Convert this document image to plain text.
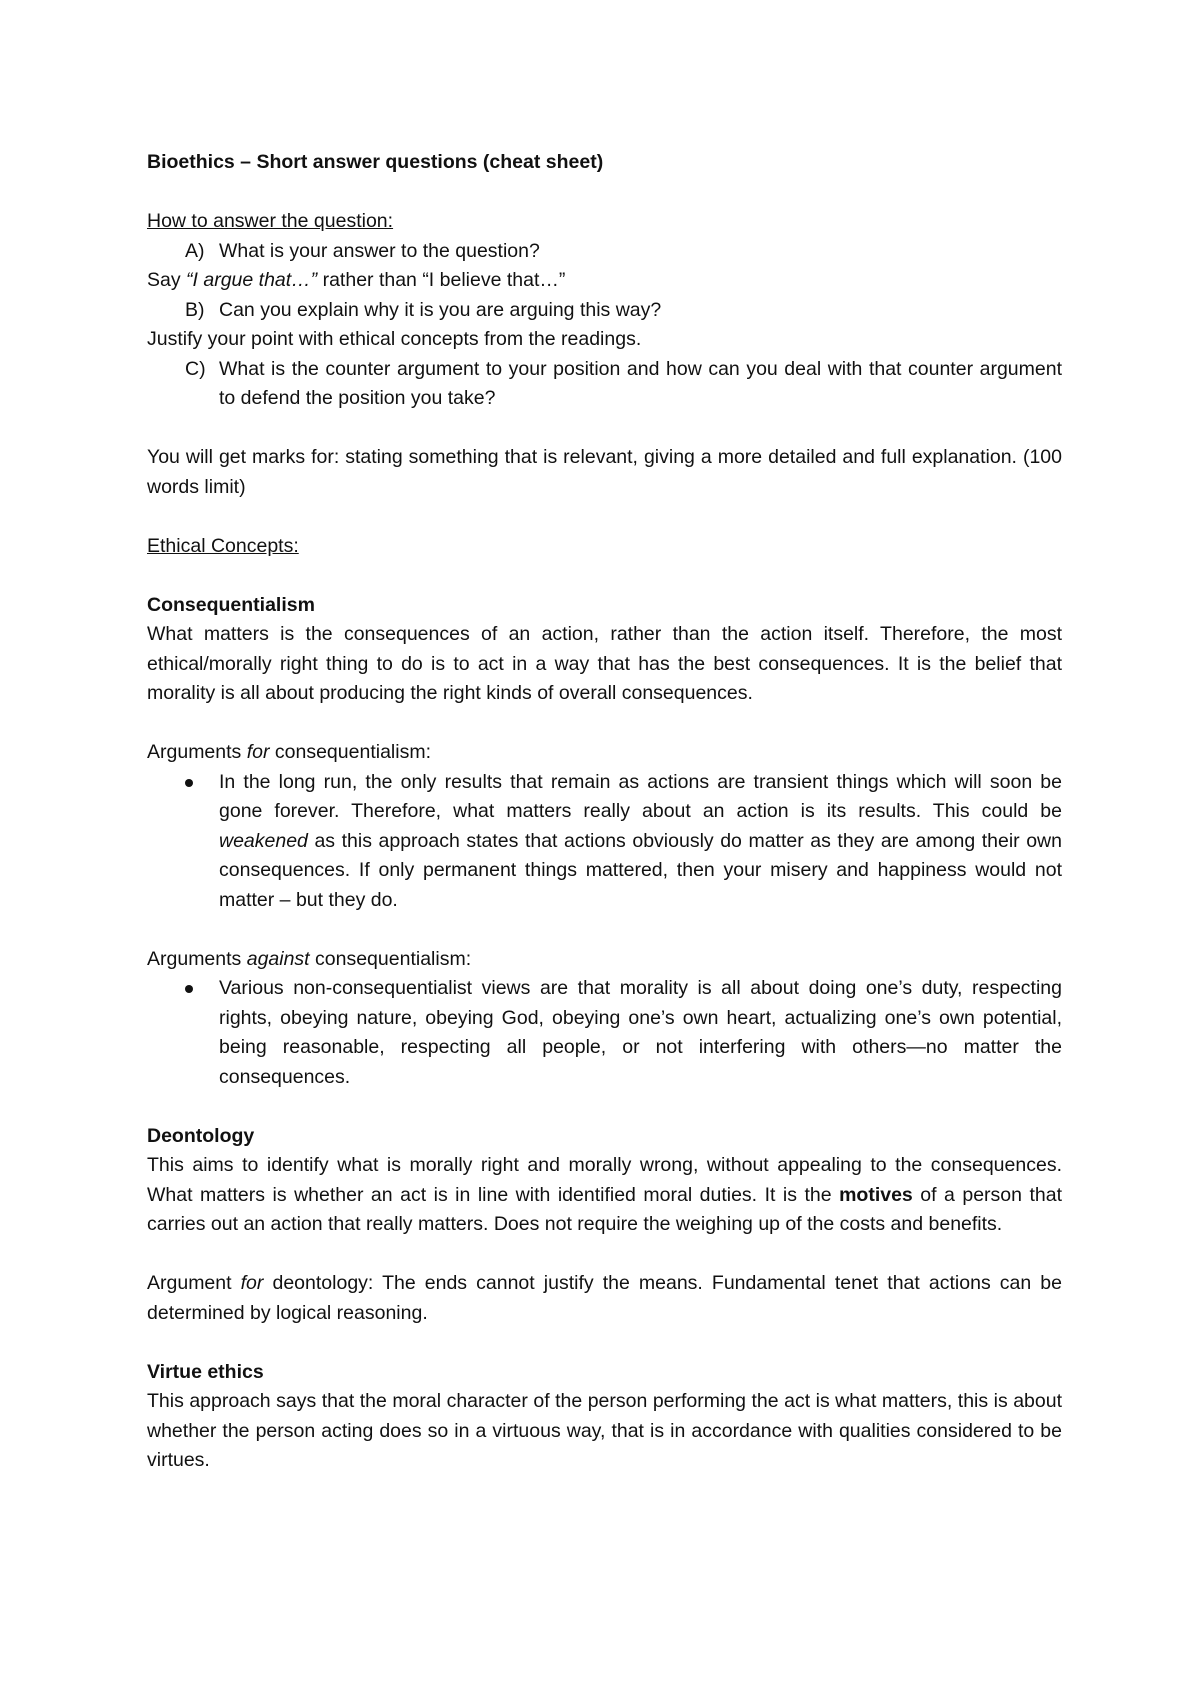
Bioethics – Short answer questions (cheat sheet)

How to answer the question:

A) What is your answer to the question?

Say “I argue that…” rather than “I believe that…”

B) Can you explain why it is you are arguing this way?

Justify your point with ethical concepts from the readings.

C) What is the counter argument to your position and how can you deal with that counter argument to defend the position you take?

You will get marks for: stating something that is relevant, giving a more detailed and full explanation. (100 words limit)

Ethical Concepts:

Consequentialism

What matters is the consequences of an action, rather than the action itself. Therefore, the most ethical/morally right thing to do is to act in a way that has the best consequences. It is the belief that morality is all about producing the right kinds of overall consequences.

Arguments for consequentialism:

In the long run, the only results that remain as actions are transient things which will soon be gone forever. Therefore, what matters really about an action is its results. This could be weakened as this approach states that actions obviously do matter as they are among their own consequences. If only permanent things mattered, then your misery and happiness would not matter – but they do.

Arguments against consequentialism:

Various non-consequentialist views are that morality is all about doing one’s duty, respecting rights, obeying nature, obeying God, obeying one’s own heart, actualizing one’s own potential, being reasonable, respecting all people, or not interfering with others—no matter the consequences.

Deontology

This aims to identify what is morally right and morally wrong, without appealing to the consequences. What matters is whether an act is in line with identified moral duties. It is the motives of a person that carries out an action that really matters. Does not require the weighing up of the costs and benefits.

Argument for deontology: The ends cannot justify the means. Fundamental tenet that actions can be determined by logical reasoning.

Virtue ethics

This approach says that the moral character of the person performing the act is what matters, this is about whether the person acting does so in a virtuous way, that is in accordance with qualities considered to be virtues.
